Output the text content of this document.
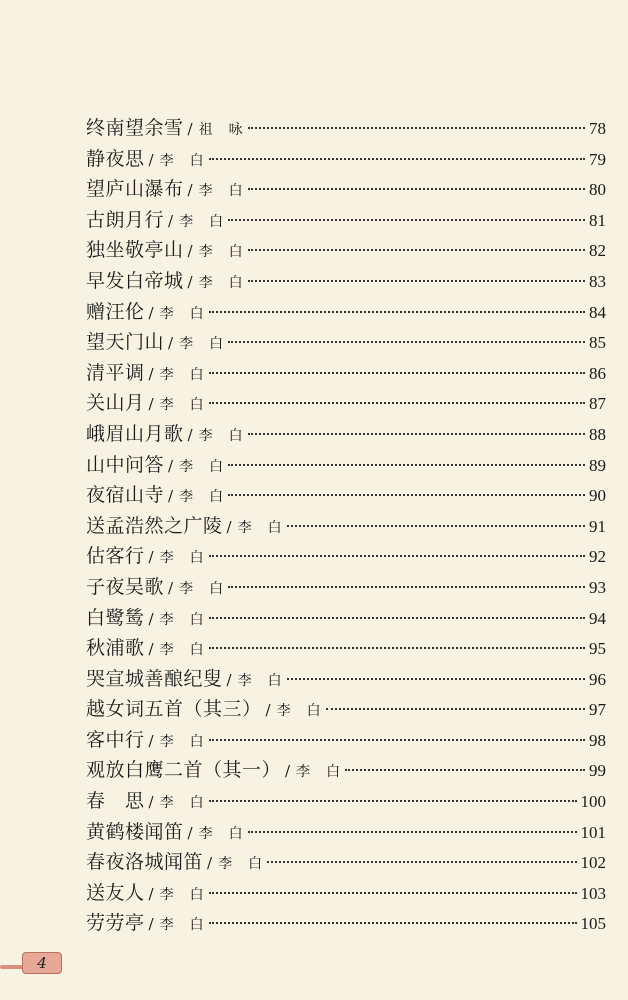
终南望余雪 / 祖　咏	78
静夜思 / 李　白	79
望庐山瀑布 / 李　白	80
古朗月行 / 李　白	81
独坐敬亭山 / 李　白	82
早发白帝城 / 李　白	83
赠汪伦 / 李　白	84
望天门山 / 李　白	85
清平调 / 李　白	86
关山月 / 李　白	87
峨眉山月歌 / 李　白	88
山中问答 / 李　白	89
夜宿山寺 / 李　白	90
送孟浩然之广陵 / 李　白	91
估客行 / 李　白	92
子夜吴歌 / 李　白	93
白鹭鸶 / 李　白	94
秋浦歌 / 李　白	95
哭宣城善酿纪叟 / 李　白	96
越女词五首（其三） / 李　白	97
客中行 / 李　白	98
观放白鹰二首（其一） / 李　白	99
春　思 / 李　白	100
黄鹤楼闻笛 / 李　白	101
春夜洛城闻笛 / 李　白	102
送友人 / 李　白	103
劳劳亭 / 李　白	105
4
